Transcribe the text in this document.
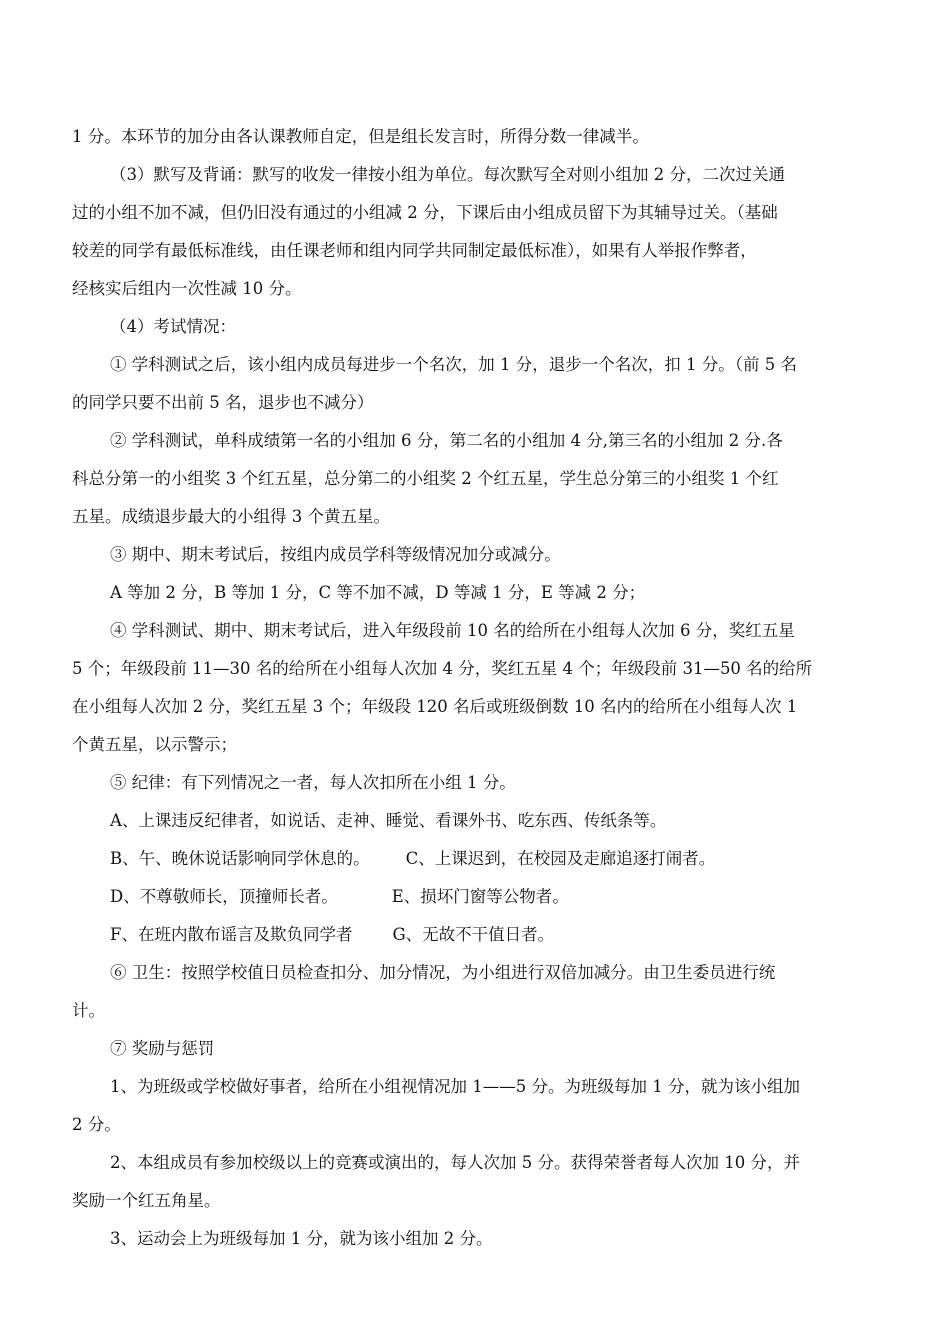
1 分。本环节的加分由各认课教师自定，但是组长发言时，所得分数一律减半。
（3）默写及背诵：默写的收发一律按小组为单位。每次默写全对则小组加 2 分，二次过关通
过的小组不加不减，但仍旧没有通过的小组减 2 分，下课后由小组成员留下为其辅导过关。（基础
较差的同学有最低标准线，由任课老师和组内同学共同制定最低标准），如果有人举报作弊者，
经核实后组内一次性减 10 分。
（4）考试情况：
① 学科测试之后，该小组内成员每进步一个名次，加 1 分，退步一个名次，扣 1 分。（前 5 名
的同学只要不出前 5 名，退步也不减分）
② 学科测试，单科成绩第一名的小组加 6 分，第二名的小组加 4 分,第三名的小组加 2 分.各
科总分第一的小组奖 3 个红五星，总分第二的小组奖 2 个红五星，学生总分第三的小组奖 1 个红
五星。成绩退步最大的小组得 3 个黄五星。
③ 期中、期末考试后，按组内成员学科等级情况加分或减分。
A 等加 2 分，B 等加 1 分，C 等不加不减，D 等减 1 分，E 等减 2 分；
④ 学科测试、期中、期末考试后，进入年级段前 10 名的给所在小组每人次加 6 分，奖红五星
5 个；年级段前 11—30 名的给所在小组每人次加 4 分，奖红五星 4 个；年级段前 31—50 名的给所
在小组每人次加 2 分，奖红五星 3 个；年级段 120 名后或班级倒数 10 名内的给所在小组每人次 1
个黄五星，以示警示；
⑤ 纪律：有下列情况之一者，每人次扣所在小组 1 分。
A、上课违反纪律者，如说话、走神、睡觉、看课外书、吃东西、传纸条等。
B、午、晚休说话影响同学休息的。 C、上课迟到，在校园及走廊追逐打闹者。
D、不尊敬师长，顶撞师长者。	E、损坏门窗等公物者。
F、在班内散布谣言及欺负同学者 G、无故不干值日者。
⑥ 卫生：按照学校值日员检查扣分、加分情况，为小组进行双倍加减分。由卫生委员进行统
计。
⑦ 奖励与惩罚
1、为班级或学校做好事者，给所在小组视情况加 1——5 分。为班级每加 1 分，就为该小组加
2 分。
2、本组成员有参加校级以上的竞赛或演出的，每人次加 5 分。获得荣誉者每人次加 10 分，并
奖励一个红五角星。
3、运动会上为班级每加 1 分，就为该小组加 2 分。
